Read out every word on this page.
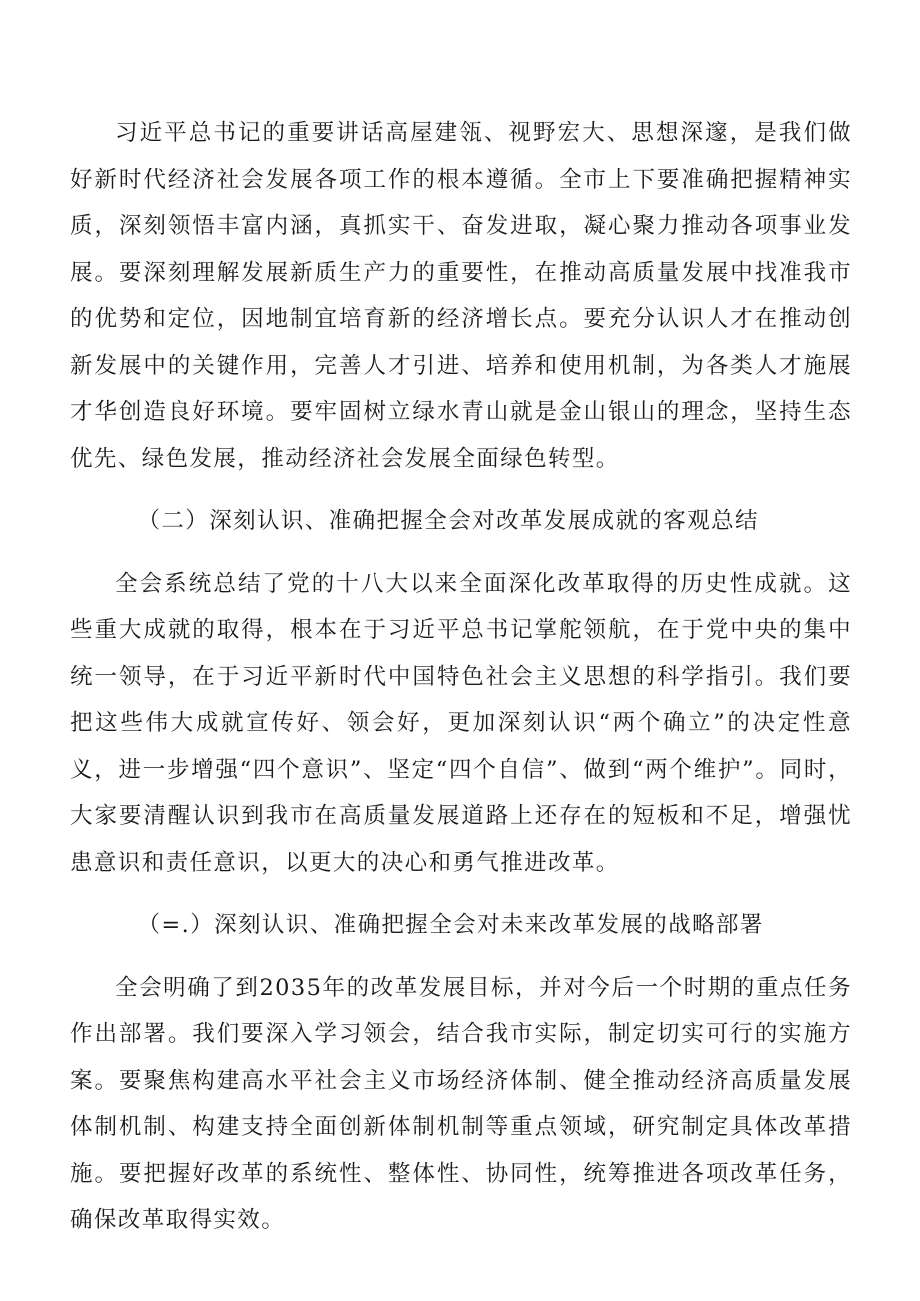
习近平总书记的重要讲话高屋建瓴、视野宏大、思想深邃，是我们做好新时代经济社会发展各项工作的根本遵循。全市上下要准确把握精神实质，深刻领悟丰富内涵，真抓实干、奋发进取，凝心聚力推动各项事业发展。要深刻理解发展新质生产力的重要性，在推动高质量发展中找准我市的优势和定位，因地制宜培育新的经济增长点。要充分认识人才在推动创新发展中的关键作用，完善人才引进、培养和使用机制，为各类人才施展才华创造良好环境。要牢固树立绿水青山就是金山银山的理念，坚持生态优先、绿色发展，推动经济社会发展全面绿色转型。

（二）深刻认识、准确把握全会对改革发展成就的客观总结

全会系统总结了党的十八大以来全面深化改革取得的历史性成就。这些重大成就的取得，根本在于习近平总书记掌舵领航，在于党中央的集中统一领导，在于习近平新时代中国特色社会主义思想的科学指引。我们要把这些伟大成就宣传好、领会好，更加深刻认识“两个确立”的决定性意义，进一步增强“四个意识”、坚定“四个自信”、做到“两个维护”。同时，大家要清醒认识到我市在高质量发展道路上还存在的短板和不足，增强忧患意识和责任意识，以更大的决心和勇气推进改革。

（=.）深刻认识、准确把握全会对未来改革发展的战略部署

全会明确了到2035年的改革发展目标，并对今后一个时期的重点任务作出部署。我们要深入学习领会，结合我市实际，制定切实可行的实施方案。要聚焦构建高水平社会主义市场经济体制、健全推动经济高质量发展体制机制、构建支持全面创新体制机制等重点领域，研究制定具体改革措施。要把握好改革的系统性、整体性、协同性，统筹推进各项改革任务，确保改革取得实效。
